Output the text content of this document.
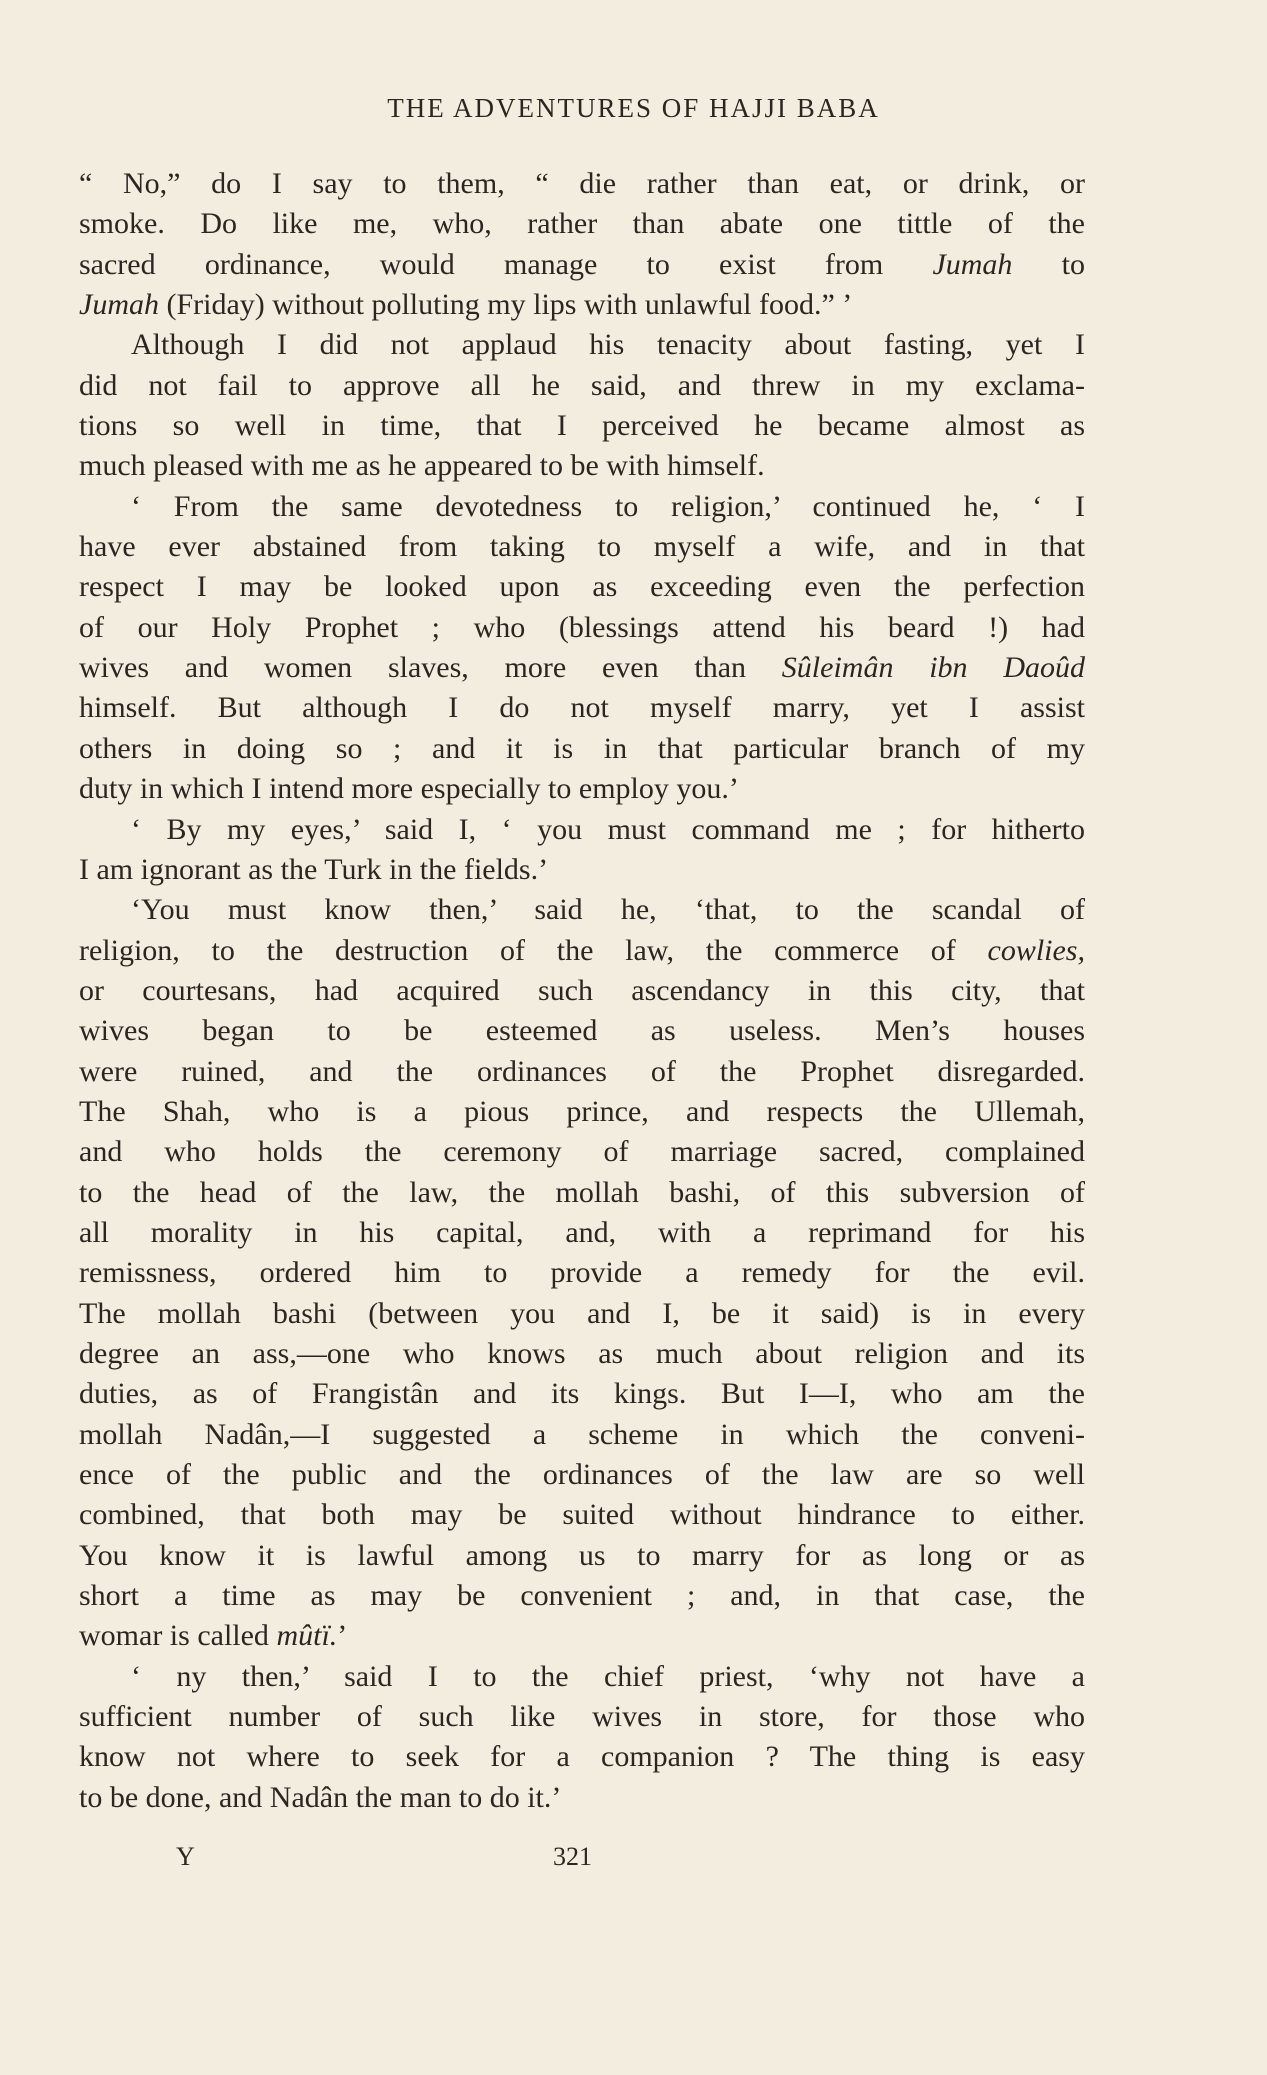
THE ADVENTURES OF HAJJI BABA
“ No,” do I say to them, “ die rather than eat, or drink, or
smoke. Do like me, who, rather than abate one tittle of the
sacred ordinance, would manage to exist from Jumah to
Jumah (Friday) without polluting my lips with unlawful food.” ’
Although I did not applaud his tenacity about fasting, yet I
did not fail to approve all he said, and threw in my exclama-
tions so well in time, that I perceived he became almost as
much pleased with me as he appeared to be with himself.
‘ From the same devotedness to religion,’ continued he, ‘ I
have ever abstained from taking to myself a wife, and in that
respect I may be looked upon as exceeding even the perfection
of our Holy Prophet ; who (blessings attend his beard !) had
wives and women slaves, more even than Sûleimân ibn Daoûd
himself. But although I do not myself marry, yet I assist
others in doing so ; and it is in that particular branch of my
duty in which I intend more especially to employ you.’
‘ By my eyes,’ said I, ‘ you must command me ; for hitherto
I am ignorant as the Turk in the fields.’
‘You must know then,’ said he, ‘that, to the scandal of
religion, to the destruction of the law, the commerce of cowlies,
or courtesans, had acquired such ascendancy in this city, that
wives began to be esteemed as useless. Men’s houses
were ruined, and the ordinances of the Prophet disregarded.
The Shah, who is a pious prince, and respects the Ullemah,
and who holds the ceremony of marriage sacred, complained
to the head of the law, the mollah bashi, of this subversion of
all morality in his capital, and, with a reprimand for his
remissness, ordered him to provide a remedy for the evil.
The mollah bashi (between you and I, be it said) is in every
degree an ass,—one who knows as much about religion and its
duties, as of Frangistân and its kings. But I—I, who am the
mollah Nadân,—I suggested a scheme in which the conveni-
ence of the public and the ordinances of the law are so well
combined, that both may be suited without hindrance to either.
You know it is lawful among us to marry for as long or as
short a time as may be convenient ; and, in that case, the
womar is called mûtï.’
‘ ny then,’ said I to the chief priest, ‘why not have a
sufficient number of such like wives in store, for those who
know not where to seek for a companion ? The thing is easy
to be done, and Nadân the man to do it.’
Y	321
